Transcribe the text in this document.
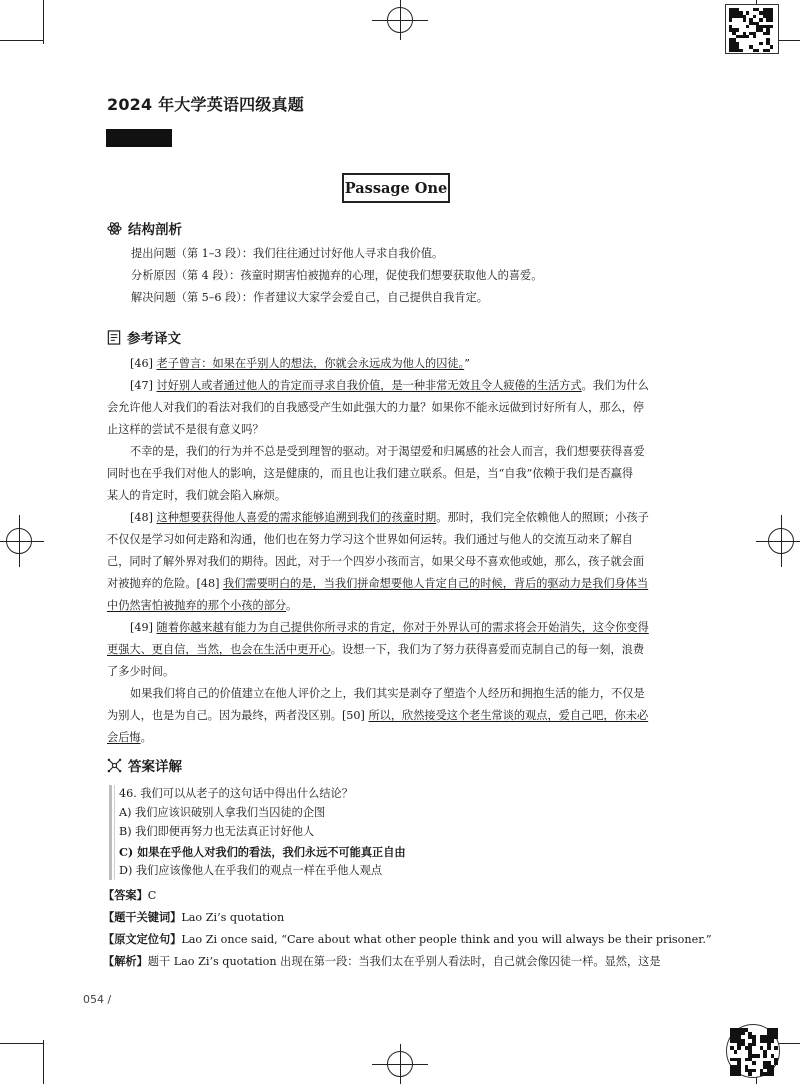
2024 年大学英语四级真题
Passage One
结构剖析
提出问题（第 1–3 段）：我们往往通过讨好他人寻求自我价值。
分析原因（第 4 段）：孩童时期害怕被抛弃的心理，促使我们想要获取他人的喜爱。
解决问题（第 5–6 段）：作者建议大家学会爱自己，自己提供自我肯定。
参考译文
[46] 老子曾言：如果在乎别人的想法，你就会永远成为他人的囚徒。”
[47] 讨好别人或者通过他人的肯定而寻求自我价值，是一种非常无效且令人疲倦的生活方式。我们为什么
会允许他人对我们的看法对我们的自我感受产生如此强大的力量？如果你不能永远做到讨好所有人，那么，停
止这样的尝试不是很有意义吗？
不幸的是，我们的行为并不总是受到理智的驱动。对于渴望爱和归属感的社会人而言，我们想要获得喜爱
同时也在乎我们对他人的影响，这是健康的，而且也让我们建立联系。但是，当“自我”依赖于我们是否赢得
某人的肯定时，我们就会陷入麻烦。
[48] 这种想要获得他人喜爱的需求能够追溯到我们的孩童时期。那时，我们完全依赖他人的照顾；小孩子
不仅仅是学习如何走路和沟通，他们也在努力学习这个世界如何运转。我们通过与他人的交流互动来了解自
己，同时了解外界对我们的期待。因此，对于一个四岁小孩而言，如果父母不喜欢他或她，那么，孩子就会面
对被抛弃的危险。[48] 我们需要明白的是，当我们拼命想要他人肯定自己的时候，背后的驱动力是我们身体当
中仍然害怕被抛弃的那个小孩的部分。
[49] 随着你越来越有能力为自己提供你所寻求的肯定，你对于外界认可的需求将会开始消失，这令你变得
更强大、更自信，当然，也会在生活中更开心。设想一下，我们为了努力获得喜爱而克制自己的每一刻，浪费
了多少时间。
如果我们将自己的价值建立在他人评价之上，我们其实是剥夺了塑造个人经历和拥抱生活的能力，不仅是
为别人，也是为自己。因为最终，两者没区别。[50] 所以，欣然接受这个老生常谈的观点，爱自己吧，你未必
会后悔。
答案详解
46. 我们可以从老子的这句话中得出什么结论？
A) 我们应该识破别人拿我们当囚徒的企图
B) 我们即便再努力也无法真正讨好他人
C) 如果在乎他人对我们的看法，我们永远不可能真正自由
D) 我们应该像他人在乎我们的观点一样在乎他人观点
【答案】C
【题干关键词】Lao Zi’s quotation
【原文定位句】Lao Zi once said, “Care about what other people think and you will always be their prisoner.”
【解析】题干 Lao Zi’s quotation 出现在第一段：当我们太在乎别人看法时，自己就会像囚徒一样。显然，这是
054 /
